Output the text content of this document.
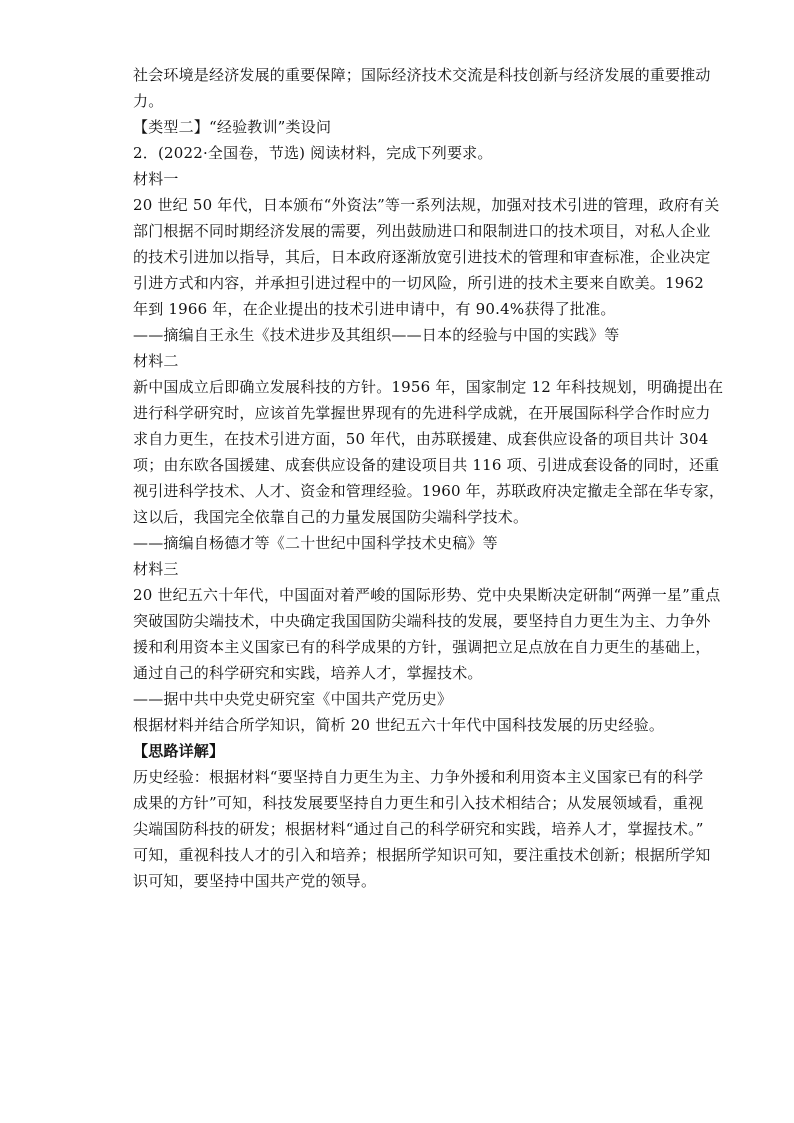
社会环境是经济发展的重要保障；国际经济技术交流是科技创新与经济发展的重要推动
力。
【类型二】“经验教训”类设问
2．(2022·全国卷，节选) 阅读材料，完成下列要求。
材料一
20 世纪 50 年代，日本颁布“外资法”等一系列法规，加强对技术引进的管理，政府有关
部门根据不同时期经济发展的需要，列出鼓励进口和限制进口的技术项目，对私人企业
的技术引进加以指导，其后，日本政府逐渐放宽引进技术的管理和审查标准，企业决定
引进方式和内容，并承担引进过程中的一切风险，所引进的技术主要来自欧美。1962
年到 1966 年，在企业提出的技术引进申请中，有 90.4%获得了批准。
——摘编自王永生《技术进步及其组织——日本的经验与中国的实践》等
材料二
新中国成立后即确立发展科技的方针。1956 年，国家制定 12 年科技规划，明确提出在
进行科学研究时，应该首先掌握世界现有的先进科学成就，在开展国际科学合作时应力
求自力更生，在技术引进方面，50 年代，由苏联援建、成套供应设备的项目共计 304
项；由东欧各国援建、成套供应设备的建设项目共 116 项、引进成套设备的同时，还重
视引进科学技术、人才、资金和管理经验。1960 年，苏联政府决定撤走全部在华专家，
这以后，我国完全依靠自己的力量发展国防尖端科学技术。
——摘编自杨德才等《二十世纪中国科学技术史稿》等
材料三
20 世纪五六十年代，中国面对着严峻的国际形势、党中央果断决定研制“两弹一星”重点
突破国防尖端技术，中央确定我国国防尖端科技的发展，要坚持自力更生为主、力争外
援和利用资本主义国家已有的科学成果的方针，强调把立足点放在自力更生的基础上，
通过自己的科学研究和实践，培养人才，掌握技术。
——据中共中央党史研究室《中国共产党历史》
根据材料并结合所学知识，简析 20 世纪五六十年代中国科技发展的历史经验。
【思路详解】
历史经验：根据材料“要坚持自力更生为主、力争外援和利用资本主义国家已有的科学
成果的方针”可知，科技发展要坚持自力更生和引入技术相结合；从发展领域看，重视
尖端国防科技的研发；根据材料“通过自己的科学研究和实践，培养人才，掌握技术。”
可知，重视科技人才的引入和培养；根据所学知识可知，要注重技术创新；根据所学知
识可知，要坚持中国共产党的领导。
